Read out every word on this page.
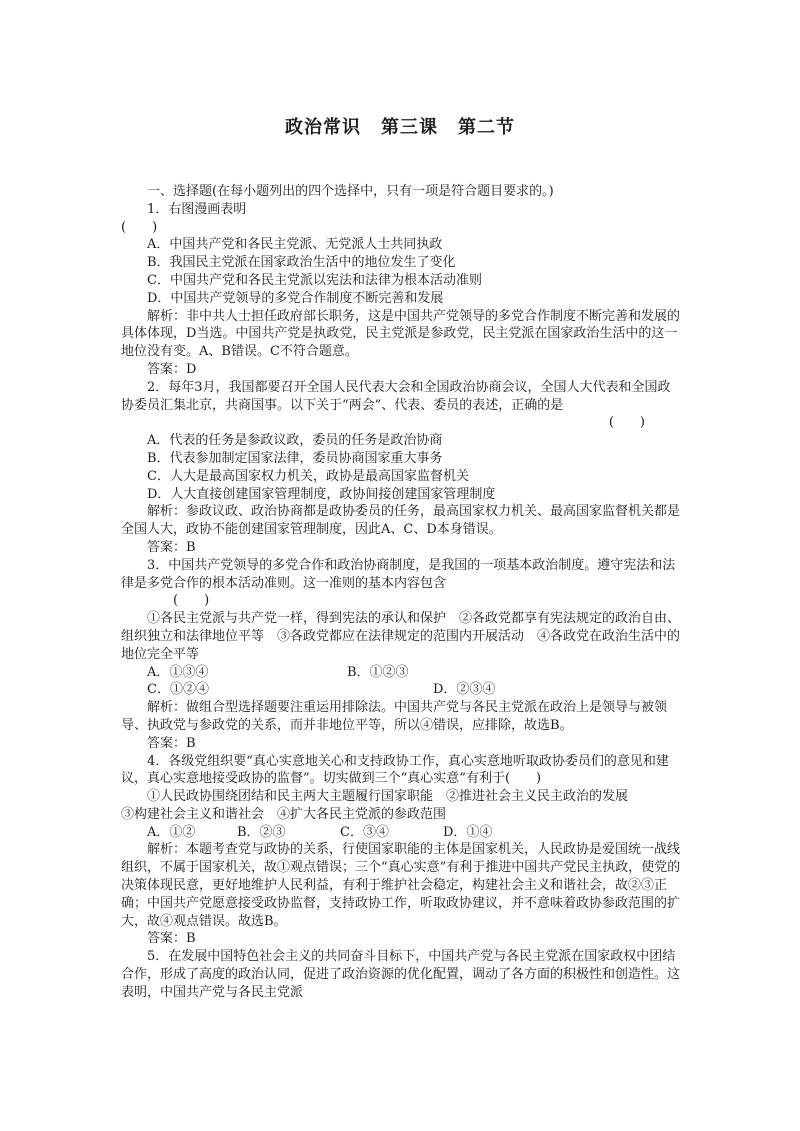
政治常识 第三课 第二节

一、选择题(在每小题列出的四个选择中，只有一项是符合题目要求的。)

1．右图漫画表明

(　　)

A．中国共产党和各民主党派、无党派人士共同执政

B．我国民主党派在国家政治生活中的地位发生了变化

C．中国共产党和各民主党派以宪法和法律为根本活动准则

D．中国共产党领导的多党合作制度不断完善和发展

解析：非中共人士担任政府部长职务，这是中国共产党领导的多党合作制度不断完善和发展的具体体现，D当选。中国共产党是执政党，民主党派是参政党，民主党派在国家政治生活中的这一地位没有变。A、B错误。C不符合题意。

答案：D

2．每年3月，我国都要召开全国人民代表大会和全国政治协商会议，全国人大代表和全国政协委员汇集北京，共商国事。以下关于“两会”、代表、委员的表述，正确的是

(　　)

A．代表的任务是参政议政，委员的任务是政治协商

B．代表参加制定国家法律，委员协商国家重大事务

C．人大是最高国家权力机关，政协是最高国家监督机关

D．人大直接创建国家管理制度，政协间接创建国家管理制度

解析：参政议政、政治协商都是政协委员的任务，最高国家权力机关、最高国家监督机关都是全国人大，政协不能创建国家管理制度，因此A、C、D本身错误。

答案：B

3．中国共产党领导的多党合作和政治协商制度，是我国的一项基本政治制度。遵守宪法和法律是多党合作的根本活动准则。这一准则的基本内容包含

(　　)

①各民主党派与共产党一样，得到宪法的承认和保护　②各政党都享有宪法规定的政治自由、组织独立和法律地位平等　③各政党都应在法律规定的范围内开展活动　④各政党在政治生活中的地位完全平等

A．①③④	B．①②③
C．①②④	D．②③④

解析：做组合型选择题要注重运用排除法。中国共产党与各民主党派在政治上是领导与被领导、执政党与参政党的关系，而并非地位平等，所以④错误，应排除，故选B。

答案：B

4．各级党组织要“真心实意地关心和支持政协工作，真心实意地听取政协委员们的意见和建议，真心实意地接受政协的监督”。切实做到三个“真心实意”有利于(　　)

①人民政协围绕团结和民主两大主题履行国家职能　②推进社会主义民主政治的发展

③构建社会主义和谐社会　④扩大各民主党派的参政范围

A．①②	B．②③	C．③④	D．①④

解析：本题考查党与政协的关系，行使国家职能的主体是国家机关，人民政协是爱国统一战线组织，不属于国家机关，故①观点错误；三个“真心实意”有利于推进中国共产党民主执政，使党的决策体现民意，更好地维护人民利益，有利于维护社会稳定，构建社会主义和谐社会，故②③正确；中国共产党愿意接受政协监督，支持政协工作，听取政协建议，并不意味着政协参政范围的扩大，故④观点错误。故选B。

答案：B

5．在发展中国特色社会主义的共同奋斗目标下，中国共产党与各民主党派在国家政权中团结合作，形成了高度的政治认同，促进了政治资源的优化配置，调动了各方面的积极性和创造性。这表明，中国共产党与各民主党派
